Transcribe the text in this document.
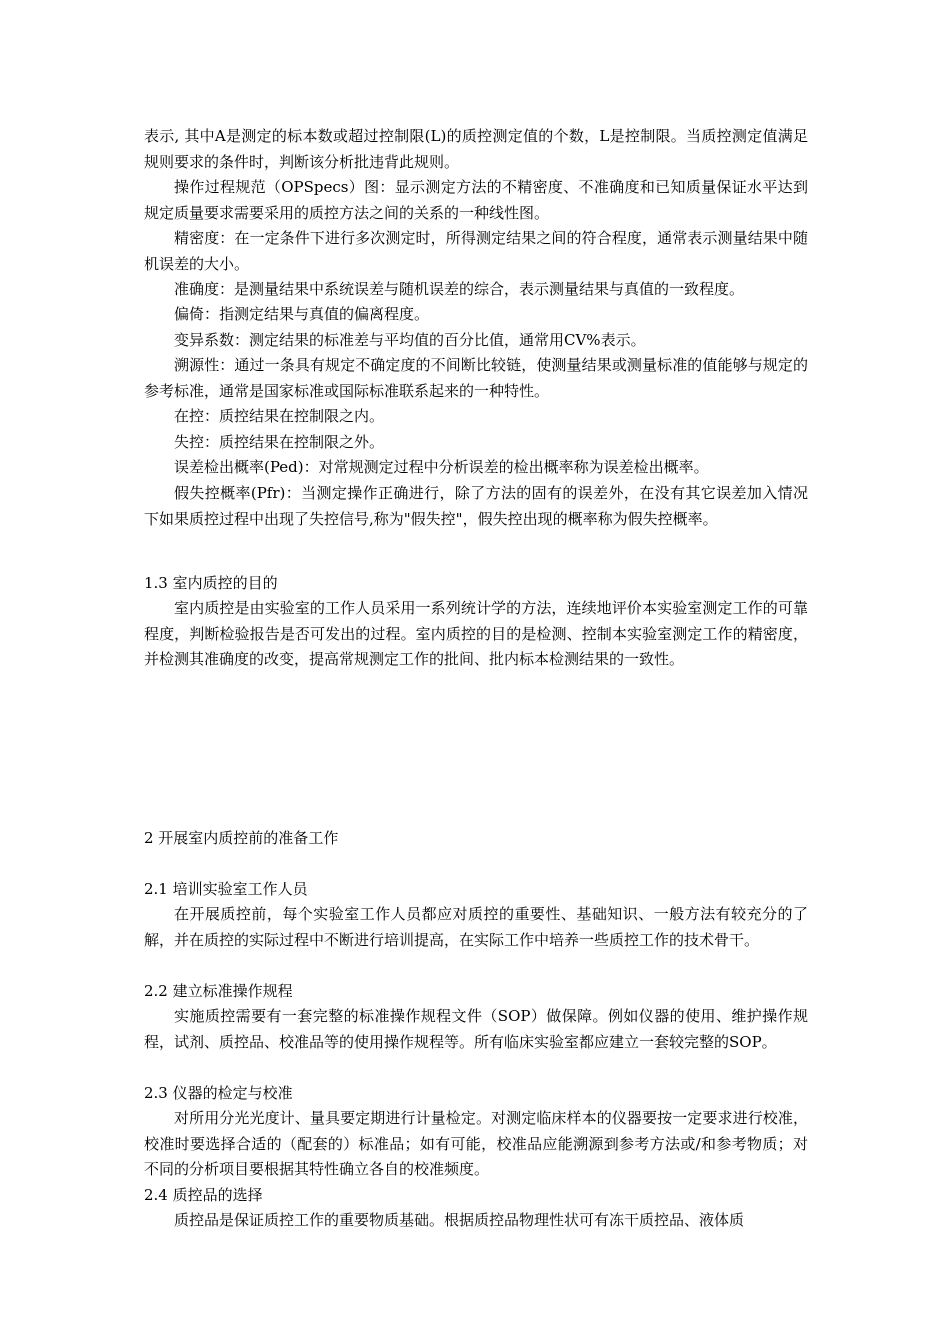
表示, 其中A是测定的标本数或超过控制限(L)的质控测定值的个数，L是控制限。当质控测定值满足规则要求的条件时，判断该分析批违背此规则。

操作过程规范（OPSpecs）图：显示测定方法的不精密度、不准确度和已知质量保证水平达到规定质量要求需要采用的质控方法之间的关系的一种线性图。

精密度：在一定条件下进行多次测定时，所得测定结果之间的符合程度，通常表示测量结果中随机误差的大小。

准确度：是测量结果中系统误差与随机误差的综合，表示测量结果与真值的一致程度。

偏倚：指测定结果与真值的偏离程度。

变异系数：测定结果的标准差与平均值的百分比值，通常用CV%表示。

溯源性：通过一条具有规定不确定度的不间断比较链，使测量结果或测量标准的值能够与规定的参考标准，通常是国家标准或国际标准联系起来的一种特性。

在控：质控结果在控制限之内。

失控：质控结果在控制限之外。

误差检出概率(Ped)：对常规测定过程中分析误差的检出概率称为误差检出概率。

假失控概率(Pfr)：当测定操作正确进行，除了方法的固有的误差外，在没有其它误差加入情况下如果质控过程中出现了失控信号,称为"假失控"，假失控出现的概率称为假失控概率。

1.3 室内质控的目的

室内质控是由实验室的工作人员采用一系列统计学的方法，连续地评价本实验室测定工作的可靠程度，判断检验报告是否可发出的过程。室内质控的目的是检测、控制本实验室测定工作的精密度，并检测其准确度的改变，提高常规测定工作的批间、批内标本检测结果的一致性。

2 开展室内质控前的准备工作
2.1 培训实验室工作人员

在开展质控前，每个实验室工作人员都应对质控的重要性、基础知识、一般方法有较充分的了解，并在质控的实际过程中不断进行培训提高，在实际工作中培养一些质控工作的技术骨干。

2.2 建立标准操作规程

实施质控需要有一套完整的标准操作规程文件（SOP）做保障。例如仪器的使用、维护操作规程，试剂、质控品、校准品等的使用操作规程等。所有临床实验室都应建立一套较完整的SOP。

2.3 仪器的检定与校准

对所用分光光度计、量具要定期进行计量检定。对测定临床样本的仪器要按一定要求进行校准，校准时要选择合适的（配套的）标准品；如有可能，校准品应能溯源到参考方法或/和参考物质；对不同的分析项目要根据其特性确立各自的校准频度。

2.4 质控品的选择

质控品是保证质控工作的重要物质基础。根据质控品物理性状可有冻干质控品、液体质
